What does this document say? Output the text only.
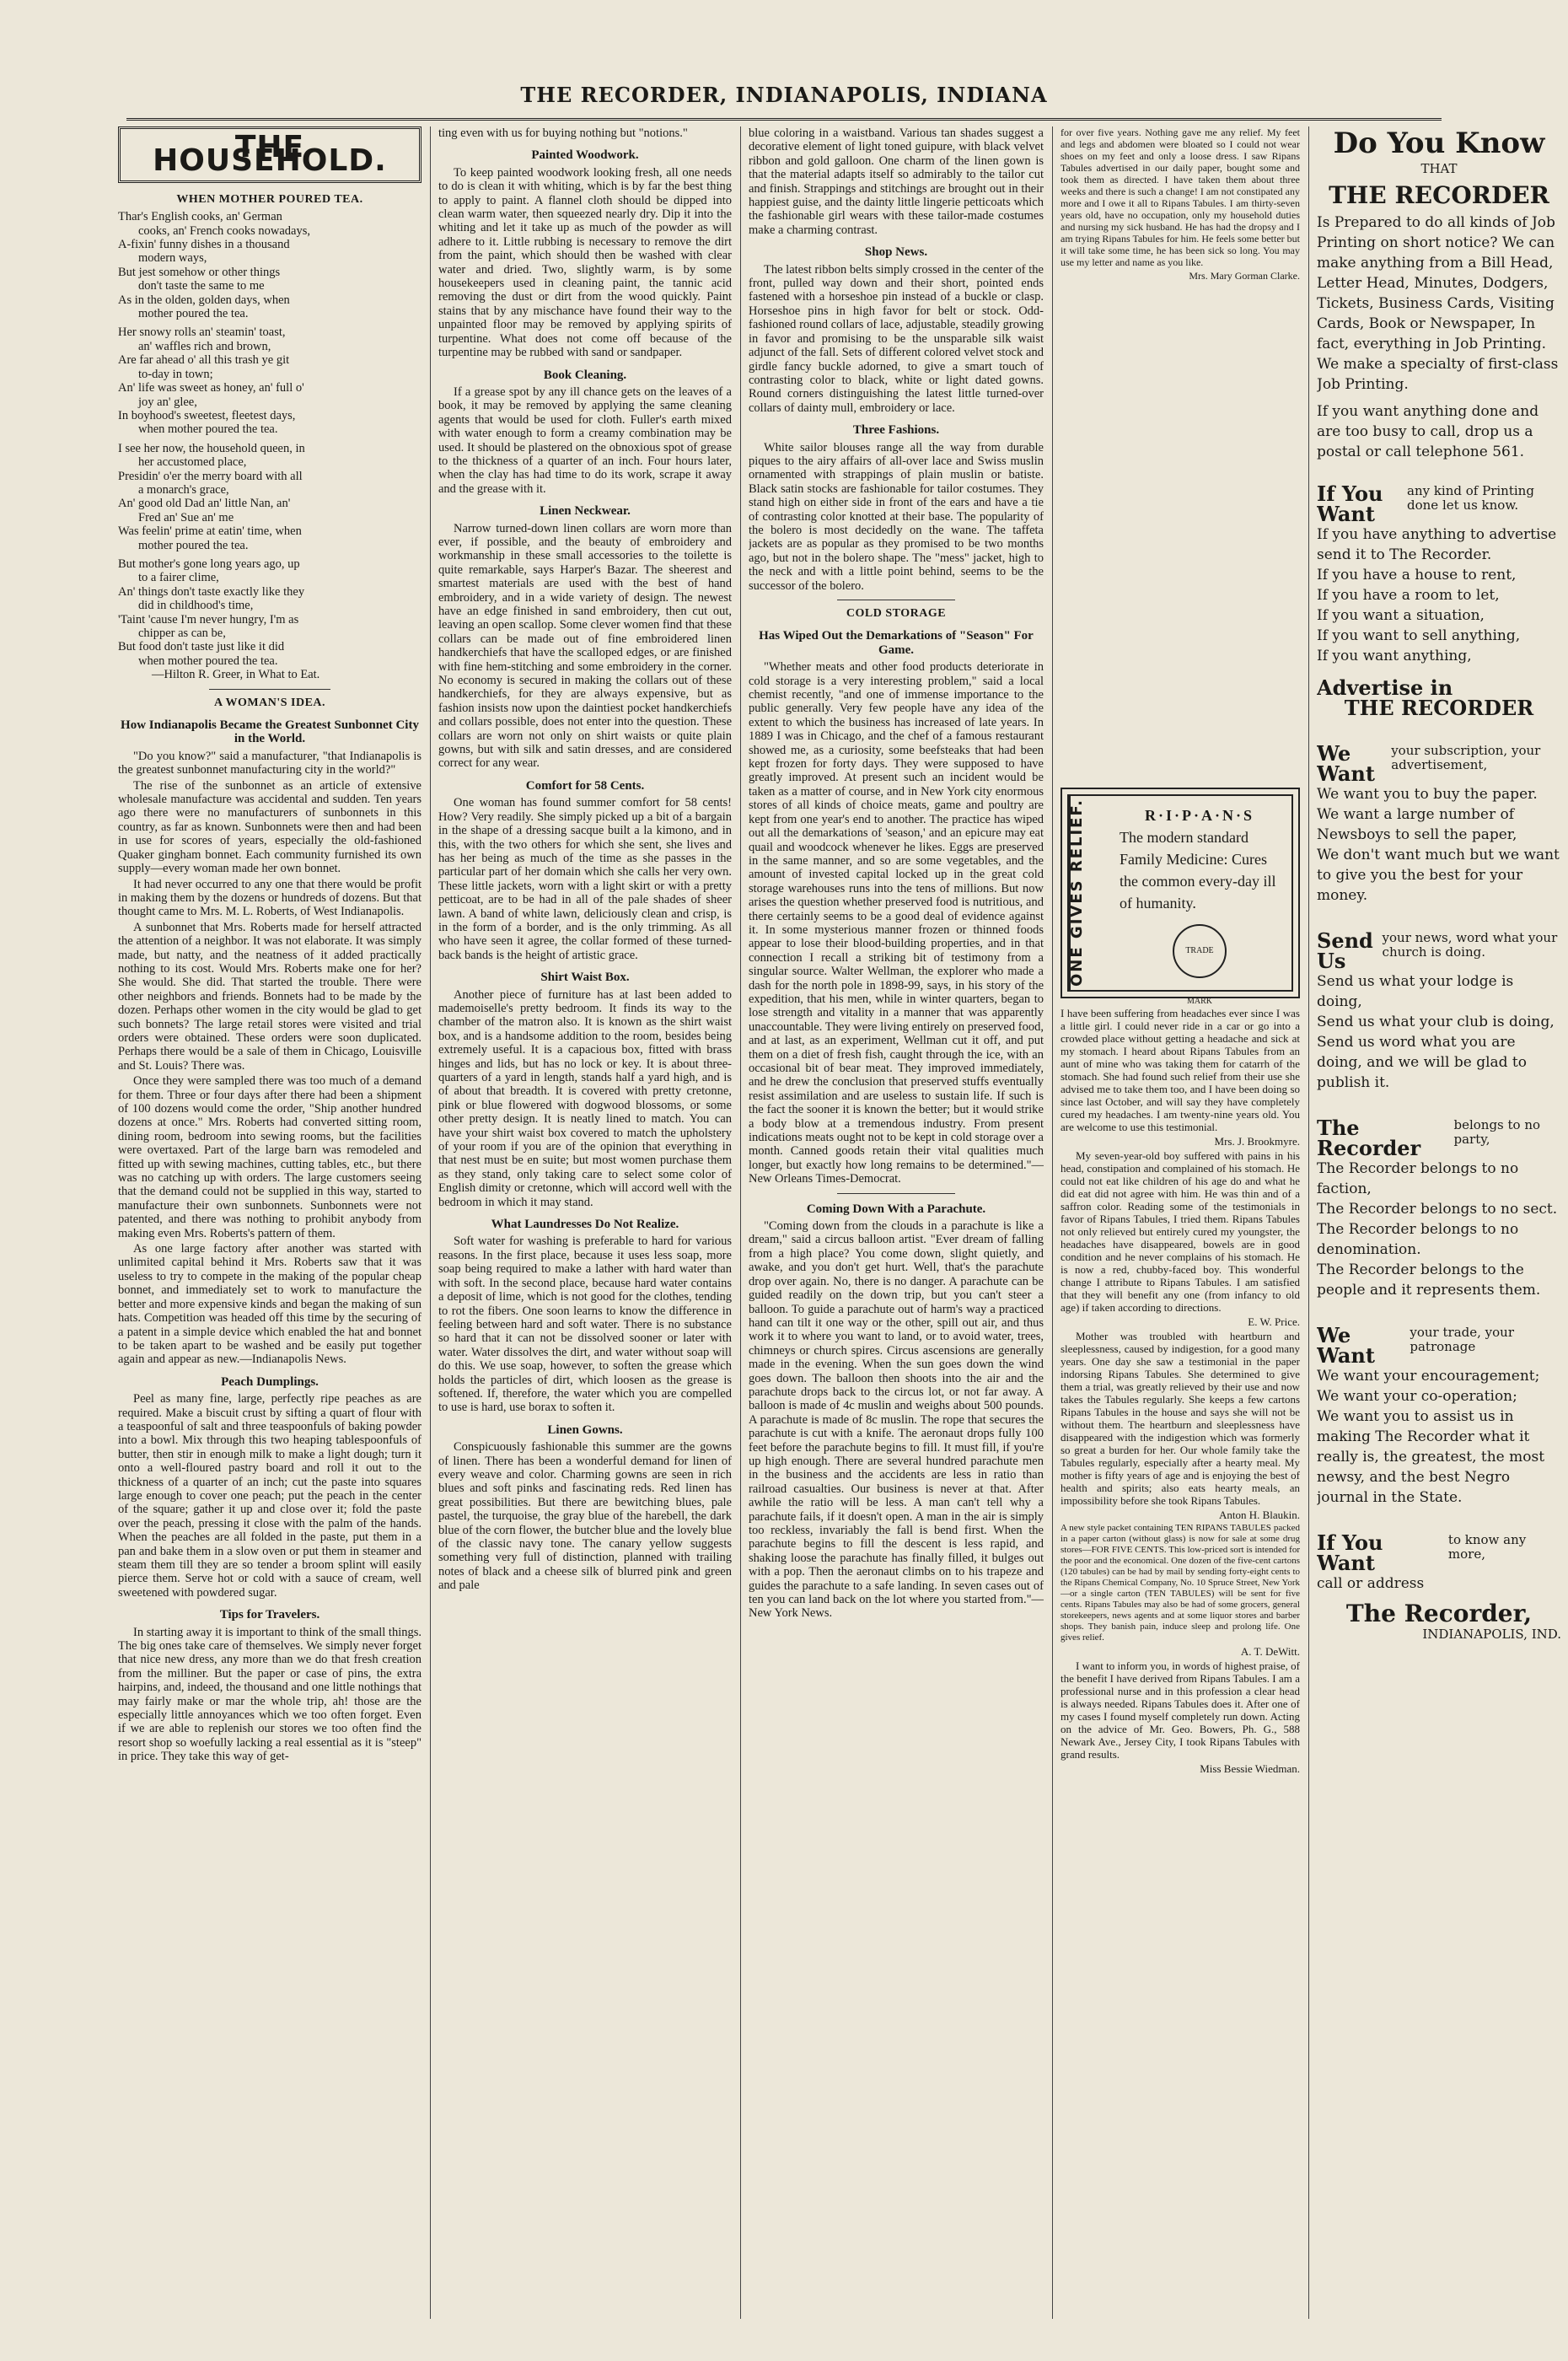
THE RECORDER, INDIANAPOLIS, INDIANA
THE HOUSEHOLD.
WHEN MOTHER POURED TEA.

Thar's English cooks, an' German

cooks, an' French cooks nowadays,

A-fixin' funny dishes in a thousand

modern ways,

But jest somehow or other things

don't taste the same to me

As in the olden, golden days, when

mother poured the tea.

Her snowy rolls an' steamin' toast,

an' waffles rich and brown,

Are far ahead o' all this trash ye git

to-day in town;

An' life was sweet as honey, an' full o'

joy an' glee,

In boyhood's sweetest, fleetest days,

when mother poured the tea.

I see her now, the household queen, in

her accustomed place,

Presidin' o'er the merry board with all

a monarch's grace,

An' good old Dad an' little Nan, an'

Fred an' Sue an' me

Was feelin' prime at eatin' time, when

mother poured the tea.

But mother's gone long years ago, up

to a fairer clime,

An' things don't taste exactly like they

did in childhood's time,

'Taint 'cause I'm never hungry, I'm as

chipper as can be,

But food don't taste just like it did

when mother poured the tea.

—Hilton R. Greer, in What to Eat.

A WOMAN'S IDEA.
How Indianapolis Became the Greatest Sunbonnet City in the World.

"Do you know?" said a manufacturer, "that Indianapolis is the greatest sunbonnet manufacturing city in the world?"

The rise of the sunbonnet as an article of extensive wholesale manufacture was accidental and sudden. Ten years ago there were no manufacturers of sunbonnets in this country, as far as known. Sunbonnets were then and had been in use for scores of years, especially the old-fashioned Quaker gingham bonnet. Each community furnished its own supply—every woman made her own bonnet.

It had never occurred to any one that there would be profit in making them by the dozens or hundreds of dozens. But that thought came to Mrs. M. L. Roberts, of West Indianapolis.

A sunbonnet that Mrs. Roberts made for herself attracted the attention of a neighbor. It was not elaborate. It was simply made, but natty, and the neatness of it added practically nothing to its cost. Would Mrs. Roberts make one for her? She would. She did. That started the trouble. There were other neighbors and friends. Bonnets had to be made by the dozen. Perhaps other women in the city would be glad to get such bonnets? The large retail stores were visited and trial orders were obtained. These orders were soon duplicated. Perhaps there would be a sale of them in Chicago, Louisville and St. Louis? There was.

Once they were sampled there was too much of a demand for them. Three or four days after there had been a shipment of 100 dozens would come the order, "Ship another hundred dozens at once." Mrs. Roberts had converted sitting room, dining room, bedroom into sewing rooms, but the facilities were overtaxed. Part of the large barn was remodeled and fitted up with sewing machines, cutting tables, etc., but there was no catching up with orders. The large customers seeing that the demand could not be supplied in this way, started to manufacture their own sunbonnets. Sunbonnets were not patented, and there was nothing to prohibit anybody from making even Mrs. Roberts's pattern of them.

As one large factory after another was started with unlimited capital behind it Mrs. Roberts saw that it was useless to try to compete in the making of the popular cheap bonnet, and immediately set to work to manufacture the better and more expensive kinds and began the making of sun hats. Competition was headed off this time by the securing of a patent in a simple device which enabled the hat and bonnet to be taken apart to be washed and be easily put together again and appear as new.—Indianapolis News.

Peach Dumplings.

Peel as many fine, large, perfectly ripe peaches as are required. Make a biscuit crust by sifting a quart of flour with a teaspoonful of salt and three teaspoonfuls of baking powder into a bowl. Mix through this two heaping tablespoonfuls of butter, then stir in enough milk to make a light dough; turn it onto a well-floured pastry board and roll it out to the thickness of a quarter of an inch; cut the paste into squares large enough to cover one peach; put the peach in the center of the square; gather it up and close over it; fold the paste over the peach, pressing it close with the palm of the hands. When the peaches are all folded in the paste, put them in a pan and bake them in a slow oven or put them in steamer and steam them till they are so tender a broom splint will easily pierce them. Serve hot or cold with a sauce of cream, well sweetened with powdered sugar.

Tips for Travelers.

In starting away it is important to think of the small things. The big ones take care of themselves. We simply never forget that nice new dress, any more than we do that fresh creation from the milliner. But the paper or case of pins, the extra hairpins, and, indeed, the thousand and one little nothings that may fairly make or mar the whole trip, ah! those are the especially little annoyances which we too often forget. Even if we are able to replenish our stores we too often find the resort shop so woefully lacking a real essential as it is "steep" in price. They take this way of get-

ting even with us for buying nothing but "notions."

Painted Woodwork.

To keep painted woodwork looking fresh, all one needs to do is clean it with whiting, which is by far the best thing to apply to paint. A flannel cloth should be dipped into clean warm water, then squeezed nearly dry. Dip it into the whiting and let it take up as much of the powder as will adhere to it. Little rubbing is necessary to remove the dirt from the paint, which should then be washed with clear water and dried. Two, slightly warm, is by some housekeepers used in cleaning paint, the tannic acid removing the dust or dirt from the wood quickly. Paint stains that by any mischance have found their way to the unpainted floor may be removed by applying spirits of turpentine. What does not come off because of the turpentine may be rubbed with sand or sandpaper.

Book Cleaning.

If a grease spot by any ill chance gets on the leaves of a book, it may be removed by applying the same cleaning agents that would be used for cloth. Fuller's earth mixed with water enough to form a creamy combination may be used. It should be plastered on the obnoxious spot of grease to the thickness of a quarter of an inch. Four hours later, when the clay has had time to do its work, scrape it away and the grease with it.

Linen Neckwear.

Narrow turned-down linen collars are worn more than ever, if possible, and the beauty of embroidery and workmanship in these small accessories to the toilette is quite remarkable, says Harper's Bazar. The sheerest and smartest materials are used with the best of hand embroidery, and in a wide variety of design. The newest have an edge finished in sand embroidery, then cut out, leaving an open scallop. Some clever women find that these collars can be made out of fine embroidered linen handkerchiefs that have the scalloped edges, or are finished with fine hem-stitching and some embroidery in the corner. No economy is secured in making the collars out of these handkerchiefs, for they are always expensive, but as fashion insists now upon the daintiest pocket handkerchiefs and collars possible, does not enter into the question. These collars are worn not only on shirt waists or quite plain gowns, but with silk and satin dresses, and are considered correct for any wear.

Comfort for 58 Cents.

One woman has found summer comfort for 58 cents! How? Very readily. She simply picked up a bit of a bargain in the shape of a dressing sacque built a la kimono, and in this, with the two others for which she sent, she lives and has her being as much of the time as she passes in the particular part of her domain which she calls her very own. These little jackets, worn with a light skirt or with a pretty petticoat, are to be had in all of the pale shades of sheer lawn. A band of white lawn, deliciously clean and crisp, is in the form of a border, and is the only trimming. As all who have seen it agree, the collar formed of these turned-back bands is the height of artistic grace.

Shirt Waist Box.

Another piece of furniture has at last been added to mademoiselle's pretty bedroom. It finds its way to the chamber of the matron also. It is known as the shirt waist box, and is a handsome addition to the room, besides being extremely useful. It is a capacious box, fitted with brass hinges and lids, but has no lock or key. It is about three-quarters of a yard in length, stands half a yard high, and is of about that breadth. It is covered with pretty cretonne, pink or blue flowered with dogwood blossoms, or some other pretty design. It is neatly lined to match. You can have your shirt waist box covered to match the upholstery of your room if you are of the opinion that everything in that nest must be en suite; but most women purchase them as they stand, only taking care to select some color of English dimity or cretonne, which will accord well with the bedroom in which it may stand.

What Laundresses Do Not Realize.

Soft water for washing is preferable to hard for various reasons. In the first place, because it uses less soap, more soap being required to make a lather with hard water than with soft. In the second place, because hard water contains a deposit of lime, which is not good for the clothes, tending to rot the fibers. One soon learns to know the difference in feeling between hard and soft water. There is no substance so hard that it can not be dissolved sooner or later with water. Water dissolves the dirt, and water without soap will do this. We use soap, however, to soften the grease which holds the particles of dirt, which loosen as the grease is softened. If, therefore, the water which you are compelled to use is hard, use borax to soften it.

Linen Gowns.

Conspicuously fashionable this summer are the gowns of linen. There has been a wonderful demand for linen of every weave and color. Charming gowns are seen in rich blues and soft pinks and fascinating reds. Red linen has great possibilities. But there are bewitching blues, pale pastel, the turquoise, the gray blue of the harebell, the dark blue of the corn flower, the butcher blue and the lovely blue of the classic navy tone. The canary yellow suggests something very full of distinction, planned with trailing notes of black and a cheese silk of blurred pink and green and pale

blue coloring in a waistband. Various tan shades suggest a decorative element of light toned guipure, with black velvet ribbon and gold galloon. One charm of the linen gown is that the material adapts itself so admirably to the tailor cut and finish. Strappings and stitchings are brought out in their happiest guise, and the dainty little lingerie petticoats which the fashionable girl wears with these tailor-made costumes make a charming contrast.

Shop News.

The latest ribbon belts simply crossed in the center of the front, pulled way down and their short, pointed ends fastened with a horseshoe pin instead of a buckle or clasp. Horseshoe pins in high favor for belt or stock. Odd-fashioned round collars of lace, adjustable, steadily growing in favor and promising to be the unsparable silk waist adjunct of the fall. Sets of different colored velvet stock and girdle fancy buckle adorned, to give a smart touch of contrasting color to black, white or light dated gowns. Round corners distinguishing the latest little turned-over collars of dainty mull, embroidery or lace.

Three Fashions.

White sailor blouses range all the way from durable piques to the airy affairs of all-over lace and Swiss muslin ornamented with strappings of plain muslin or batiste. Black satin stocks are fashionable for tailor costumes. They stand high on either side in front of the ears and have a tie of contrasting color knotted at their base. The popularity of the bolero is most decidedly on the wane. The taffeta jackets are as popular as they promised to be two months ago, but not in the bolero shape. The "mess" jacket, high to the neck and with a little point behind, seems to be the successor of the bolero.

COLD STORAGE
Has Wiped Out the Demarkations of "Season" For Game.

"Whether meats and other food products deteriorate in cold storage is a very interesting problem," said a local chemist recently, "and one of immense importance to the public generally. Very few people have any idea of the extent to which the business has increased of late years. In 1889 I was in Chicago, and the chef of a famous restaurant showed me, as a curiosity, some beefsteaks that had been kept frozen for forty days. They were supposed to have greatly improved. At present such an incident would be taken as a matter of course, and in New York city enormous stores of all kinds of choice meats, game and poultry are kept from one year's end to another. The practice has wiped out all the demarkations of 'season,' and an epicure may eat quail and woodcock whenever he likes. Eggs are preserved in the same manner, and so are some vegetables, and the amount of invested capital locked up in the great cold storage warehouses runs into the tens of millions. But now arises the question whether preserved food is nutritious, and there certainly seems to be a good deal of evidence against it. In some mysterious manner frozen or thinned foods appear to lose their blood-building properties, and in that connection I recall a striking bit of testimony from a singular source. Walter Wellman, the explorer who made a dash for the north pole in 1898-99, says, in his story of the expedition, that his men, while in winter quarters, began to lose strength and vitality in a manner that was apparently unaccountable. They were living entirely on preserved food, and at last, as an experiment, Wellman cut it off, and put them on a diet of fresh fish, caught through the ice, with an occasional bit of bear meat. They improved immediately, and he drew the conclusion that preserved stuffs eventually resist assimilation and are useless to sustain life. If such is the fact the sooner it is known the better; but it would strike a body blow at a tremendous industry. From present indications meats ought not to be kept in cold storage over a month. Canned goods retain their vital qualities much longer, but exactly how long remains to be determined."—New Orleans Times-Democrat.

Coming Down With a Parachute.

"Coming down from the clouds in a parachute is like a dream," said a circus balloon artist. "Ever dream of falling from a high place? You come down, slight quietly, and awake, and you don't get hurt. Well, that's the parachute drop over again. No, there is no danger. A parachute can be guided readily on the down trip, but you can't steer a balloon. To guide a parachute out of harm's way a practiced hand can tilt it one way or the other, spill out air, and thus work it to where you want to land, or to avoid water, trees, chimneys or church spires. Circus ascensions are generally made in the evening. When the sun goes down the wind goes down. The balloon then shoots into the air and the parachute drops back to the circus lot, or not far away. A balloon is made of 4c muslin and weighs about 500 pounds. A parachute is made of 8c muslin. The rope that secures the parachute is cut with a knife. The aeronaut drops fully 100 feet before the parachute begins to fill. It must fill, if you're up high enough. There are several hundred parachute men in the business and the accidents are less in ratio than railroad casualties. Our business is never at that. After awhile the ratio will be less. A man can't tell why a parachute fails, if it doesn't open. A man in the air is simply too reckless, invariably the fall is bend first. When the parachute begins to fill the descent is less rapid, and shaking loose the parachute has finally filled, it bulges out with a pop. Then the aeronaut climbs on to his trapeze and guides the parachute to a safe landing. In seven cases out of ten you can land back on the lot where you started from."—New York News.

for over five years. Nothing gave me any relief. My feet and legs and abdomen were bloated so I could not wear shoes on my feet and only a loose dress. I saw Ripans Tabules advertised in our daily paper, bought some and took them as directed. I have taken them about three weeks and there is such a change! I am not constipated any more and I owe it all to Ripans Tabules. I am thirty-seven years old, have no occupation, only my household duties and nursing my sick husband. He has had the dropsy and I am trying Ripans Tabules for him. He feels some better but it will take some time, he has been sick so long. You may use my letter and name as you like.

Mrs. Mary Gorman Clarke.

ONE GIVES RELIEF.	R·I·P·A·N·S
The modern standard Family Medicine: Cures the common every-day ill of humanity.
TRADE MARK

I have been suffering from headaches ever since I was a little girl. I could never ride in a car or go into a crowded place without getting a headache and sick at my stomach. I heard about Ripans Tabules from an aunt of mine who was taking them for catarrh of the stomach. She had found such relief from their use she advised me to take them too, and I have been doing so since last October, and will say they have completely cured my headaches. I am twenty-nine years old. You are welcome to use this testimonial.

Mrs. J. Brookmyre.

My seven-year-old boy suffered with pains in his head, constipation and complained of his stomach. He could not eat like children of his age do and what he did eat did not agree with him. He was thin and of a saffron color. Reading some of the testimonials in favor of Ripans Tabules, I tried them. Ripans Tabules not only relieved but entirely cured my youngster, the headaches have disappeared, bowels are in good condition and he never complains of his stomach. He is now a red, chubby-faced boy. This wonderful change I attribute to Ripans Tabules. I am satisfied that they will benefit any one (from infancy to old age) if taken according to directions.

E. W. Price.

Mother was troubled with heartburn and sleeplessness, caused by indigestion, for a good many years. One day she saw a testimonial in the paper indorsing Ripans Tabules. She determined to give them a trial, was greatly relieved by their use and now takes the Tabules regularly. She keeps a few cartons Ripans Tabules in the house and says she will not be without them. The heartburn and sleeplessness have disappeared with the indigestion which was formerly so great a burden for her. Our whole family take the Tabules regularly, especially after a hearty meal. My mother is fifty years of age and is enjoying the best of health and spirits; also eats hearty meals, an impossibility before she took Ripans Tabules.

Anton H. Blaukin.

A new style packet containing TEN RIPANS TABULES packed in a paper carton (without glass) is now for sale at some drug stores—FOR FIVE CENTS. This low-priced sort is intended for the poor and the economical. One dozen of the five-cent cartons (120 tabules) can be had by mail by sending forty-eight cents to the Ripans Chemical Company, No. 10 Spruce Street, New York—or a single carton (TEN TABULES) will be sent for five cents. Ripans Tabules may also be had of some grocers, general storekeepers, news agents and at some liquor stores and barber shops. They banish pain, induce sleep and prolong life. One gives relief.

A. T. DeWitt.

I want to inform you, in words of highest praise, of the benefit I have derived from Ripans Tabules. I am a professional nurse and in this profession a clear head is always needed. Ripans Tabules does it. After one of my cases I found myself completely run down. Acting on the advice of Mr. Geo. Bowers, Ph. G., 588 Newark Ave., Jersey City, I took Ripans Tabules with grand results.

Miss Bessie Wiedman.

Do You Know
THAT
THE RECORDER

Is Prepared to do all kinds of Job Printing on short notice? We can make anything from a Bill Head, Letter Head, Minutes, Dodgers, Tickets, Business Cards, Visiting Cards, Book or Newspaper, In fact, everything in Job Printing. We make a specialty of first-class Job Printing.

If you want anything done and are too busy to call, drop us a postal or call telephone 561.

If You Want
any kind of Printing done let us know.

If you have anything to advertise send it to The Recorder.

If you have a house to rent,

If you have a room to let,

If you want a situation,

If you want to sell anything,

If you want anything,

Advertise in
THE RECORDER
We Want
your subscription, your advertisement,

We want you to buy the paper.

We want a large number of Newsboys to sell the paper,

We don't want much but we want to give you the best for your money.

Send Us
your news, word what your church is doing.

Send us what your lodge is doing,

Send us what your club is doing,

Send us word what you are doing, and we will be glad to publish it.

The Recorder
belongs to no party,

The Recorder belongs to no faction,

The Recorder belongs to no sect.

The Recorder belongs to no denomination.

The Recorder belongs to the people and it represents them.

We Want
your trade, your patronage

We want your encouragement;

We want your co-operation;

We want you to assist us in making The Recorder what it really is, the greatest, the most newsy, and the best Negro journal in the State.

If You Want
to know any more,

call or address

The Recorder,
INDIANAPOLIS, IND.
